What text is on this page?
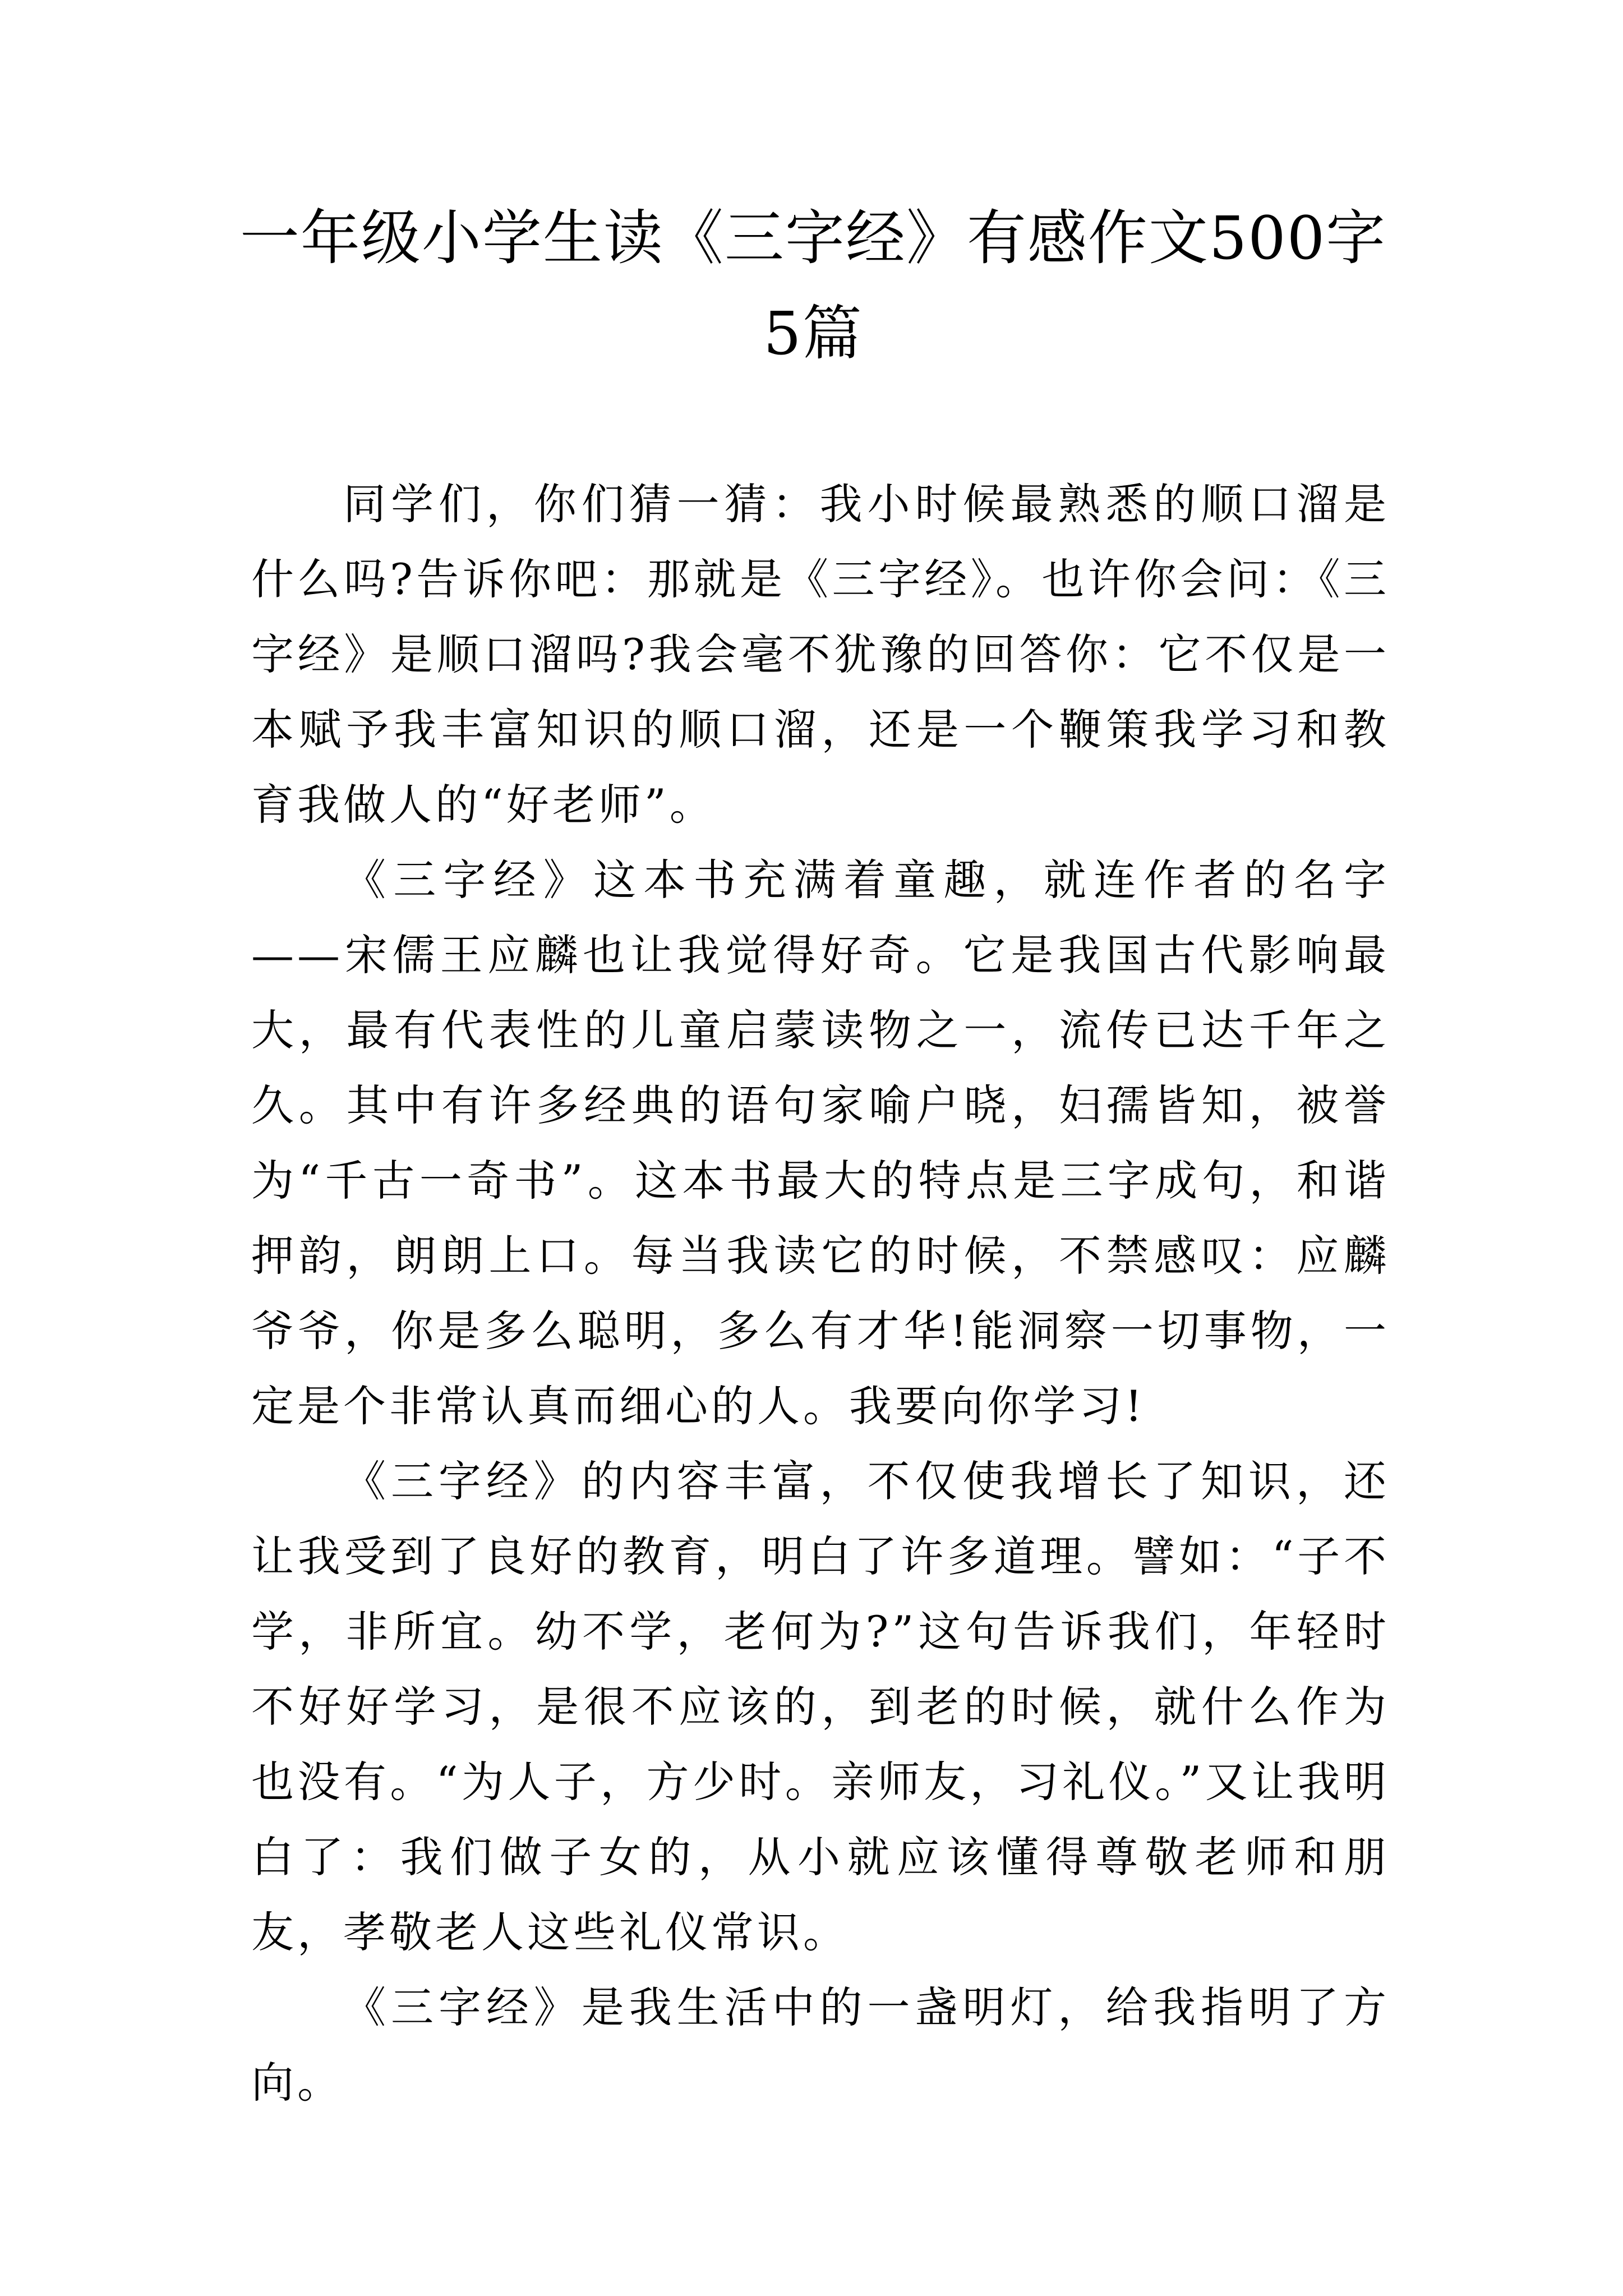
一年级小学生读《三字经》有感作文500字
5篇

同学们，你们猜一猜：我小时候最熟悉的顺口溜是什么吗?告诉你吧：那就是《三字经》。也许你会问：《三字经》是顺口溜吗?我会毫不犹豫的回答你：它不仅是一本赋予我丰富知识的顺口溜，还是一个鞭策我学习和教育我做人的“好老师”。

《三字经》这本书充满着童趣，就连作者的名字——宋儒王应麟也让我觉得好奇。它是我国古代影响最大，最有代表性的儿童启蒙读物之一，流传已达千年之久。其中有许多经典的语句家喻户晓，妇孺皆知，被誉为“千古一奇书”。这本书最大的特点是三字成句，和谐押韵，朗朗上口。每当我读它的时候，不禁感叹：应麟爷爷，你是多么聪明，多么有才华!能洞察一切事物，一定是个非常认真而细心的人。我要向你学习!

《三字经》的内容丰富，不仅使我增长了知识，还让我受到了良好的教育，明白了许多道理。譬如：“子不学，非所宜。幼不学，老何为?”这句告诉我们，年轻时不好好学习，是很不应该的，到老的时候，就什么作为也没有。“为人子，方少时。亲师友，习礼仪。”又让我明白了：我们做子女的，从小就应该懂得尊敬老师和朋友，孝敬老人这些礼仪常识。

《三字经》是我生活中的一盏明灯，给我指明了方向。
